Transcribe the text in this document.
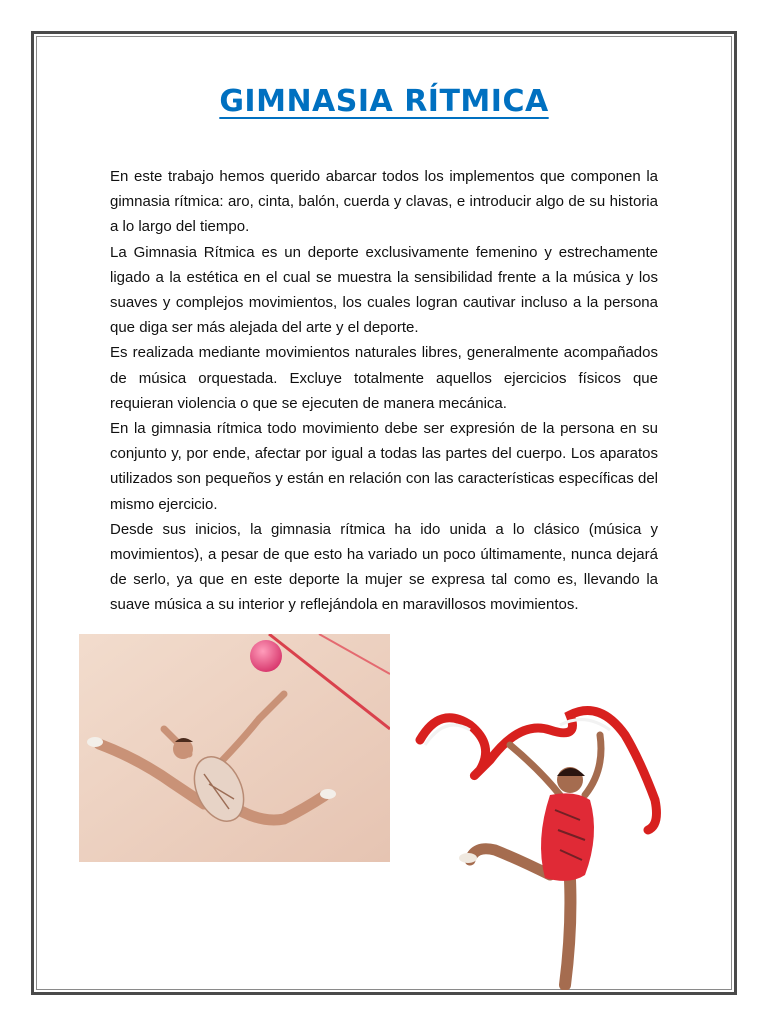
GIMNASIA RÍTMICA

En este trabajo hemos querido abarcar todos los implementos que componen la gimnasia rítmica: aro, cinta, balón, cuerda y clavas, e introducir algo de su historia a lo largo del tiempo.

La Gimnasia Rítmica es un deporte exclusivamente femenino y estrechamente ligado a la estética en el cual se muestra la sensibilidad frente a la música y los suaves y complejos movimientos, los cuales logran cautivar incluso a la persona que diga ser más alejada del arte y el deporte.

Es realizada mediante movimientos naturales libres, generalmente acompañados de música orquestada. Excluye totalmente aquellos ejercicios físicos que requieran violencia o que se ejecuten de manera mecánica.

En la gimnasia rítmica todo movimiento debe ser expresión de la persona en su conjunto y, por ende, afectar por igual a todas las partes del cuerpo. Los aparatos utilizados son pequeños y están en relación con las características específicas del mismo ejercicio.

Desde sus inicios, la gimnasia rítmica ha ido unida a lo clásico (música y movimientos), a pesar de que esto ha variado un poco últimamente, nunca dejará de serlo, ya que en este deporte la mujer se expresa tal como es, llevando la suave música a su interior y reflejándola en maravillosos movimientos.
